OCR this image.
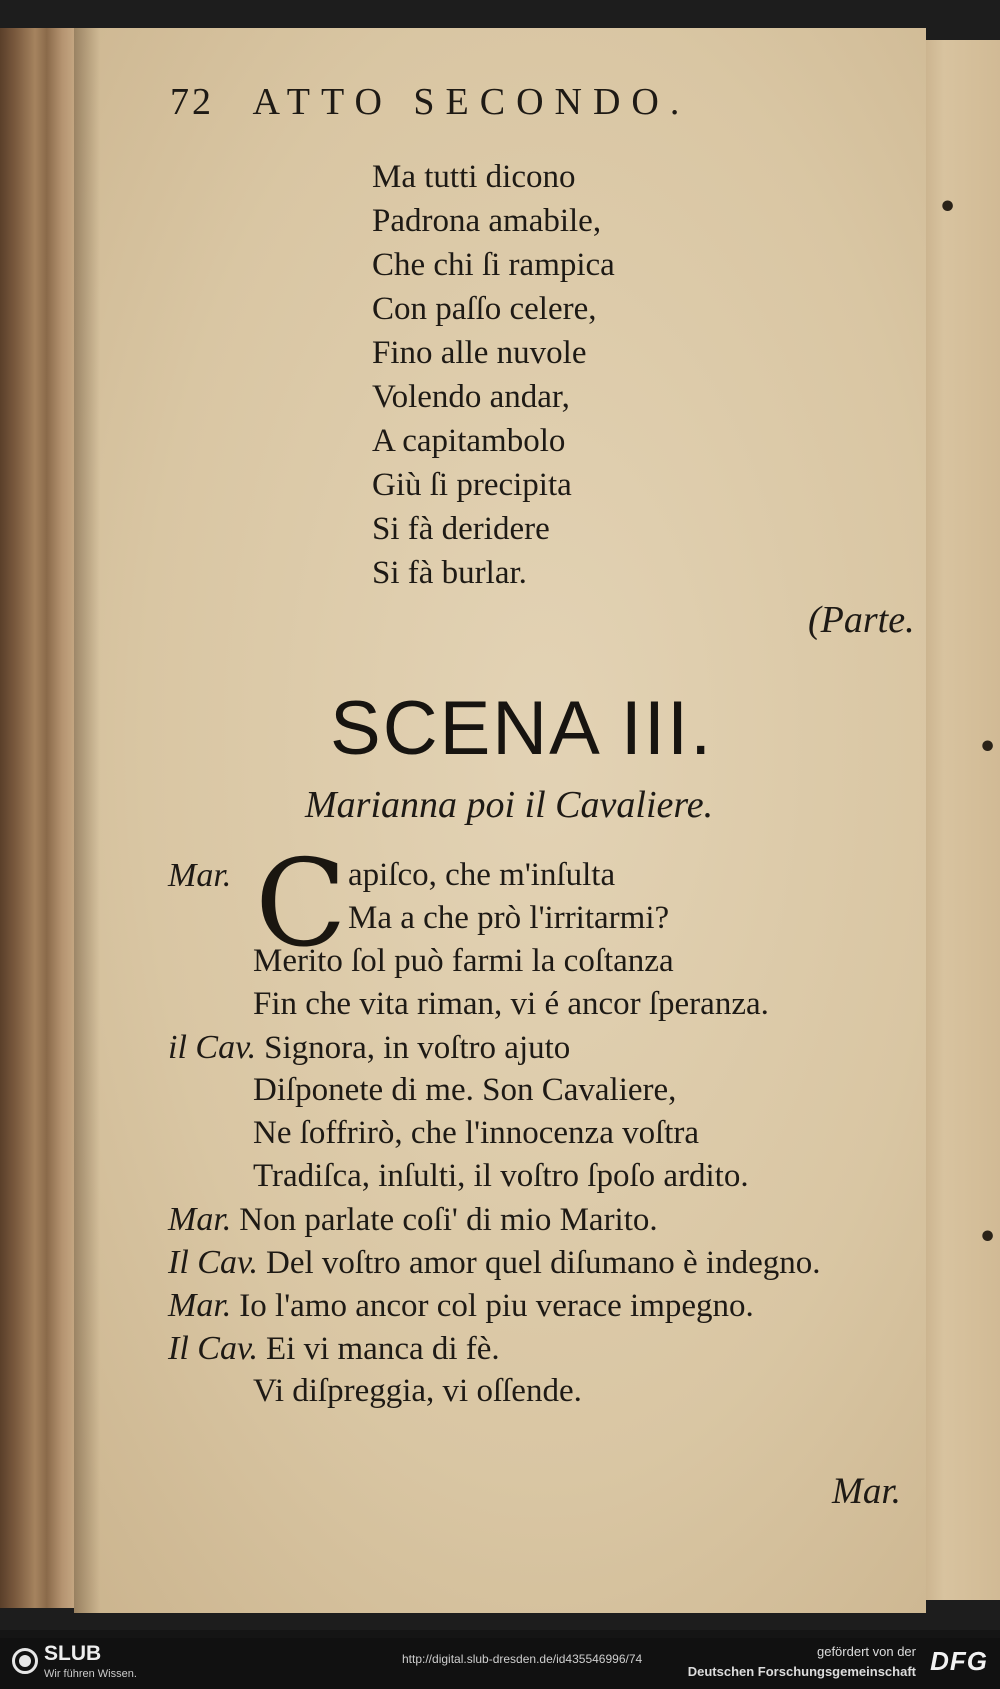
•
•
•
72 ATTO SECONDO.
Ma tutti dicono
Padrona amabile,
Che chi ſi rampica
Con paſſo celere,
Fino alle nuvole
Volendo andar,
A capitambolo
Giù ſi precipita
Si fà deridere
Si fà burlar.
(Parte.
SCENA III.
Marianna poi il Cavaliere.
C
Mar.	apiſco, che m'inſulta
Ma a che prò l'irritarmi?
Merito ſol può farmi la coſtanza
Fin che vita riman, vi é ancor ſperanza.
il Cav. Signora, in voſtro ajuto
Diſponete di me. Son Cavaliere,
Ne ſoffrirò, che l'innocenza voſtra
Tradiſca, inſulti, il voſtro ſpoſo ardito.
Mar. Non parlate coſi' di mio Marito.
Il Cav. Del voſtro amor quel diſumano è indegno.
Mar. Io l'amo ancor col piu verace impegno.
Il Cav. Ei vi manca di fè.
Vi diſpreggia, vi oſſende.
Mar.
SLUB
Wir führen Wissen.
http://digital.slub-dresden.de/id435546996/74	gefördert von der
Deutschen Forschungsgemeinschaft DFG
